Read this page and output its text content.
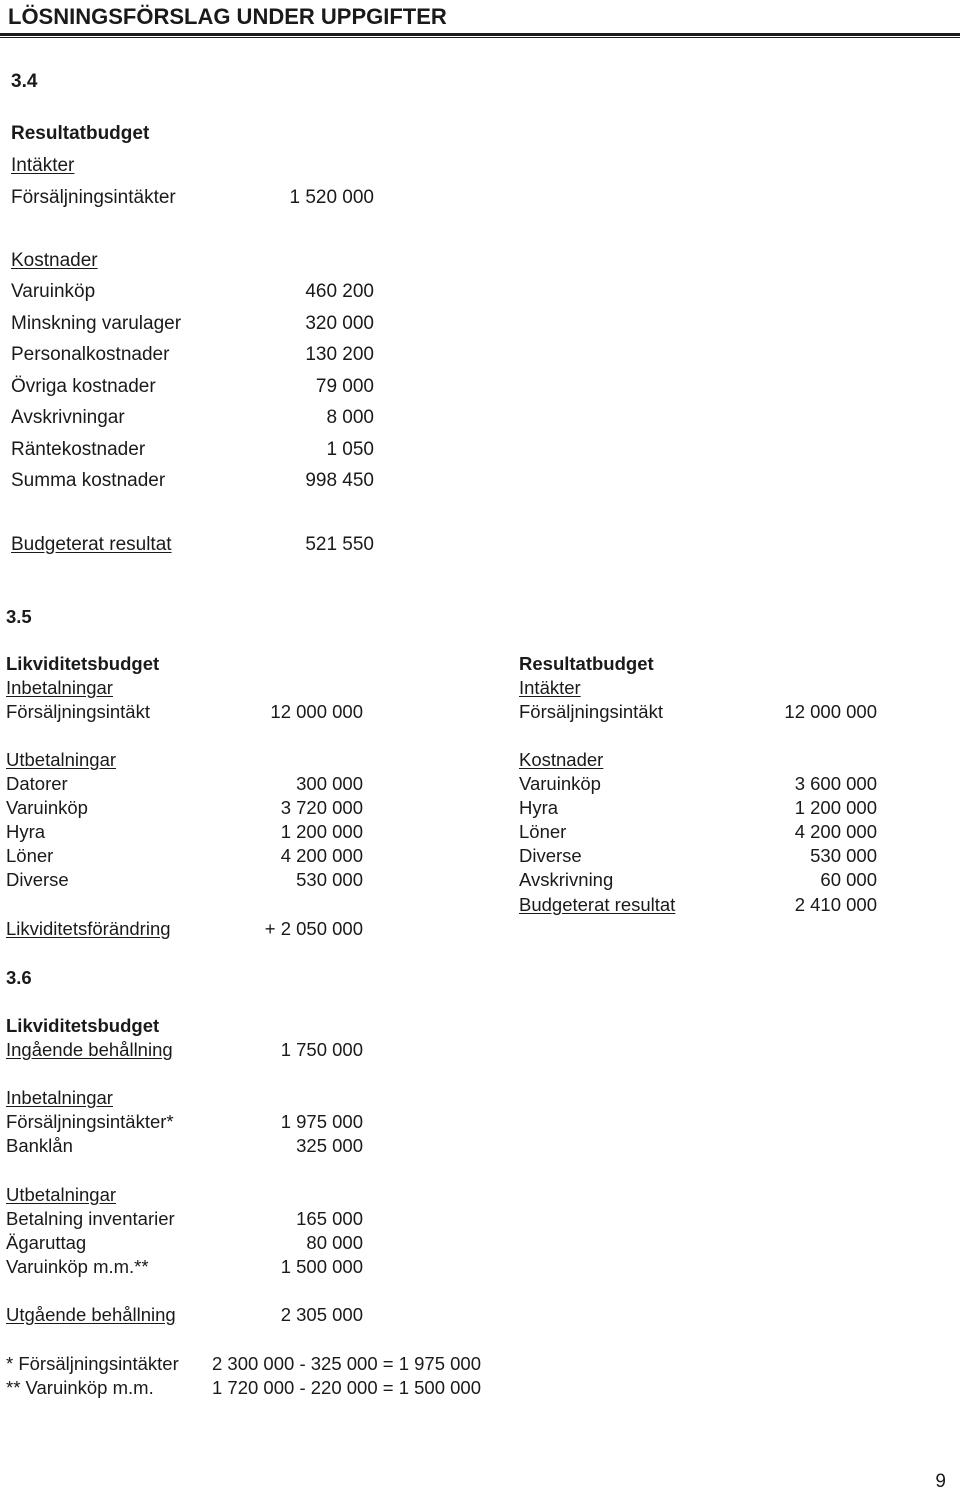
LÖSNINGSFÖRSLAG UNDER UPPGIFTER
3.4
Resultatbudget
Intäkter
Försäljningsintäkter	1 520 000
Kostnader
Varuinköp	460 200
Minskning varulager	320 000
Personalkostnader	130 200
Övriga kostnader	79 000
Avskrivningar	8 000
Räntekostnader	1 050
Summa kostnader	998 450
Budgeterat resultat	521 550
3.5
Likviditetsbudget
Inbetalningar
Försäljningsintäkt	12 000 000
Utbetalningar
Datorer	300 000
Varuinköp	3 720 000
Hyra	1 200 000
Löner	4 200 000
Diverse	530 000
Likviditetsförändring	+ 2 050 000
Resultatbudget
Intäkter
Försäljningsintäkt	12 000 000
Kostnader
Varuinköp	3 600 000
Hyra	1 200 000
Löner	4 200 000
Diverse	530 000
Avskrivning	60 000
Budgeterat resultat	2 410 000
3.6
Likviditetsbudget
Ingående behållning	1 750 000
Inbetalningar
Försäljningsintäkter*	1 975 000
Banklån	325 000
Utbetalningar
Betalning inventarier	165 000
Ägaruttag	80 000
Varuinköp m.m.**	1 500 000
Utgående behållning	2 305 000
* Försäljningsintäkter 2 300 000 - 325 000 = 1 975 000
** Varuinköp m.m.	1 720 000 - 220 000 = 1 500 000
9
